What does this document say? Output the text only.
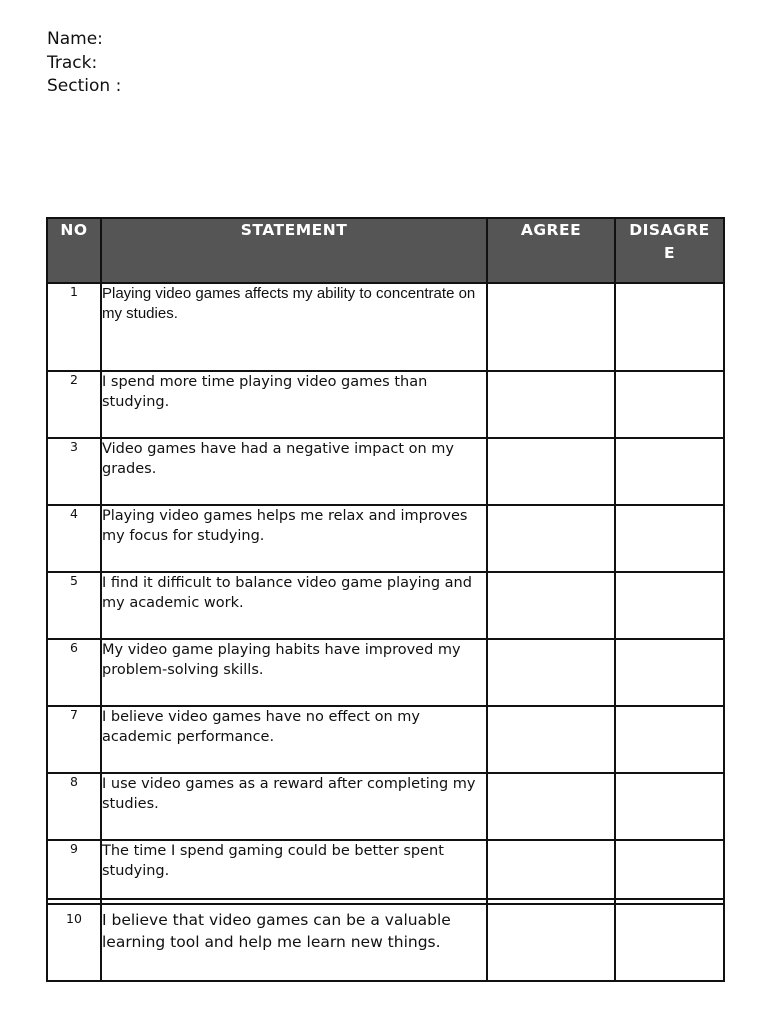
Name:
Track:
Section :
NO	STATEMENT	AGREE	DISAGREE
1	Playing video games affects my ability to concentrate on my studies.		
2	I spend more time playing video games than studying.		
3	Video games have had a negative impact on my grades.		
4	Playing video games helps me relax and improves my focus for studying.		
5	I find it difficult to balance video game playing and my academic work.		
6	My video game playing habits have improved my problem-solving skills.		
7	I believe video games have no effect on my academic performance.		
8	I use video games as a reward after completing my studies.		
9	The time I spend gaming could be better spent studying.		

10	I believe that video games can be a valuable learning tool and help me learn new things.		
